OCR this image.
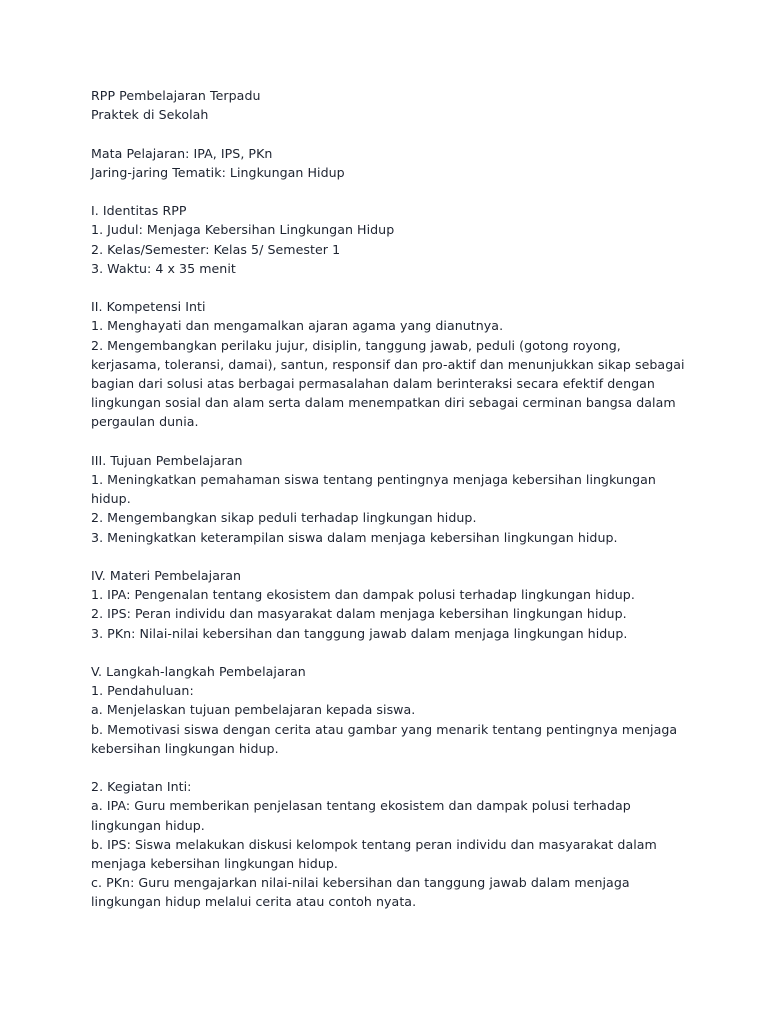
RPP Pembelajaran Terpadu
Praktek di Sekolah
Mata Pelajaran: IPA, IPS, PKn
Jaring-jaring Tematik: Lingkungan Hidup
I. Identitas RPP
1. Judul: Menjaga Kebersihan Lingkungan Hidup
2. Kelas/Semester: Kelas 5/ Semester 1
3. Waktu: 4 x 35 menit
II. Kompetensi Inti
1. Menghayati dan mengamalkan ajaran agama yang dianutnya.
2. Mengembangkan perilaku jujur, disiplin, tanggung jawab, peduli (gotong royong,
kerjasama, toleransi, damai), santun, responsif dan pro-aktif dan menunjukkan sikap sebagai
bagian dari solusi atas berbagai permasalahan dalam berinteraksi secara efektif dengan
lingkungan sosial dan alam serta dalam menempatkan diri sebagai cerminan bangsa dalam
pergaulan dunia.
III. Tujuan Pembelajaran
1. Meningkatkan pemahaman siswa tentang pentingnya menjaga kebersihan lingkungan
hidup.
2. Mengembangkan sikap peduli terhadap lingkungan hidup.
3. Meningkatkan keterampilan siswa dalam menjaga kebersihan lingkungan hidup.
IV. Materi Pembelajaran
1. IPA: Pengenalan tentang ekosistem dan dampak polusi terhadap lingkungan hidup.
2. IPS: Peran individu dan masyarakat dalam menjaga kebersihan lingkungan hidup.
3. PKn: Nilai-nilai kebersihan dan tanggung jawab dalam menjaga lingkungan hidup.
V. Langkah-langkah Pembelajaran
1. Pendahuluan:
a. Menjelaskan tujuan pembelajaran kepada siswa.
b. Memotivasi siswa dengan cerita atau gambar yang menarik tentang pentingnya menjaga
kebersihan lingkungan hidup.
2. Kegiatan Inti:
a. IPA: Guru memberikan penjelasan tentang ekosistem dan dampak polusi terhadap
lingkungan hidup.
b. IPS: Siswa melakukan diskusi kelompok tentang peran individu dan masyarakat dalam
menjaga kebersihan lingkungan hidup.
c. PKn: Guru mengajarkan nilai-nilai kebersihan dan tanggung jawab dalam menjaga
lingkungan hidup melalui cerita atau contoh nyata.
